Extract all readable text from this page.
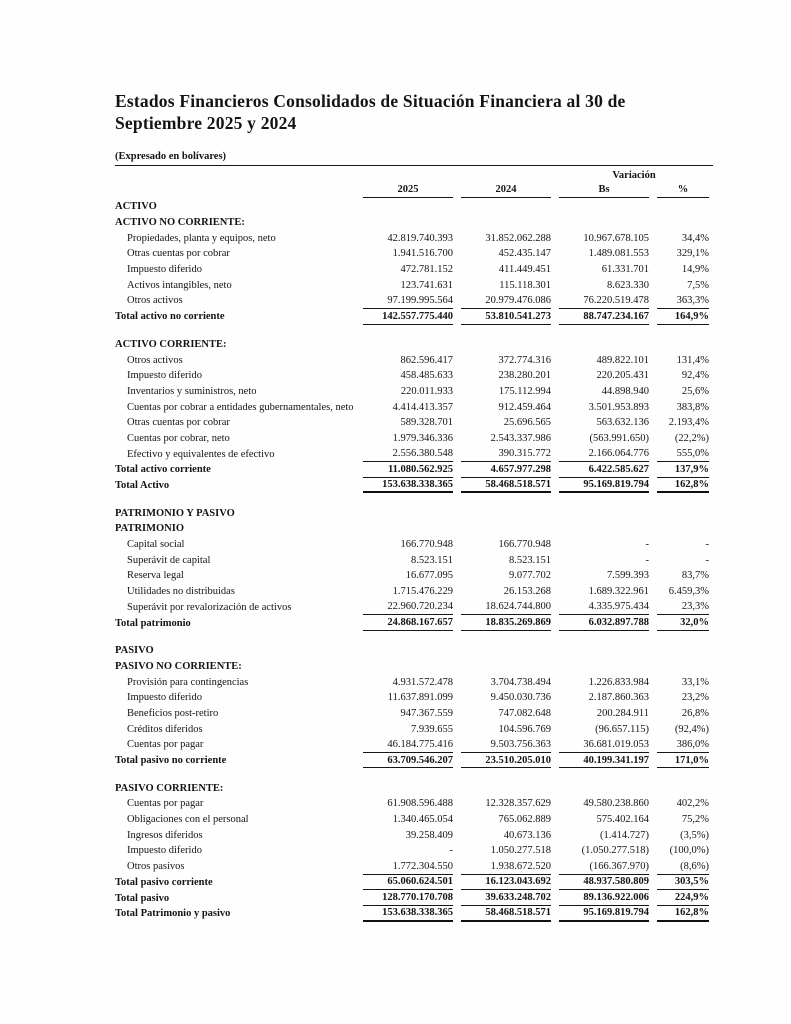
Estados Financieros Consolidados de Situación Financiera al 30 de Septiembre 2025 y 2024
(Expresado en bolívares)
Variación
2025	2024	Bs	%
ACTIVO
ACTIVO NO CORRIENTE:
Propiedades, planta y equipos, neto	42.819.740.393	31.852.062.288	10.967.678.105	34,4%
Otras cuentas por cobrar	1.941.516.700	452.435.147	1.489.081.553	329,1%
Impuesto diferido	472.781.152	411.449.451	61.331.701	14,9%
Activos intangibles, neto	123.741.631	115.118.301	8.623.330	7,5%
Otros activos	97.199.995.564	20.979.476.086	76.220.519.478	363,3%
Total activo no corriente	142.557.775.440	53.810.541.273	88.747.234.167	164,9%
ACTIVO CORRIENTE:
Otros activos	862.596.417	372.774.316	489.822.101	131,4%
Impuesto diferido	458.485.633	238.280.201	220.205.431	92,4%
Inventarios y suministros, neto	220.011.933	175.112.994	44.898.940	25,6%
Cuentas por cobrar a entidades gubernamentales, neto	4.414.413.357	912.459.464	3.501.953.893	383,8%
Otras cuentas por cobrar	589.328.701	25.696.565	563.632.136	2.193,4%
Cuentas por cobrar, neto	1.979.346.336	2.543.337.986	(563.991.650)	(22,2%)
Efectivo y equivalentes de efectivo	2.556.380.548	390.315.772	2.166.064.776	555,0%
Total activo corriente	11.080.562.925	4.657.977.298	6.422.585.627	137,9%
Total Activo	153.638.338.365	58.468.518.571	95.169.819.794	162,8%
PATRIMONIO Y PASIVO
PATRIMONIO
Capital social	166.770.948	166.770.948	-	-
Superávit de capital	8.523.151	8.523.151	-	-
Reserva legal	16.677.095	9.077.702	7.599.393	83,7%
Utilidades no distribuidas	1.715.476.229	26.153.268	1.689.322.961	6.459,3%
Superávit por revalorización de activos	22.960.720.234	18.624.744.800	4.335.975.434	23,3%
Total patrimonio	24.868.167.657	18.835.269.869	6.032.897.788	32,0%
PASIVO
PASIVO NO CORRIENTE:
Provisión para contingencias	4.931.572.478	3.704.738.494	1.226.833.984	33,1%
Impuesto diferido	11.637.891.099	9.450.030.736	2.187.860.363	23,2%
Beneficios post-retiro	947.367.559	747.082.648	200.284.911	26,8%
Créditos diferidos	7.939.655	104.596.769	(96.657.115)	(92,4%)
Cuentas por pagar	46.184.775.416	9.503.756.363	36.681.019.053	386,0%
Total pasivo no corriente	63.709.546.207	23.510.205.010	40.199.341.197	171,0%
PASIVO CORRIENTE:
Cuentas por pagar	61.908.596.488	12.328.357.629	49.580.238.860	402,2%
Obligaciones con el personal	1.340.465.054	765.062.889	575.402.164	75,2%
Ingresos diferidos	39.258.409	40.673.136	(1.414.727)	(3,5%)
Impuesto diferido	-	1.050.277.518	(1.050.277.518)	(100,0%)
Otros pasivos	1.772.304.550	1.938.672.520	(166.367.970)	(8,6%)
Total pasivo corriente	65.060.624.501	16.123.043.692	48.937.580.809	303,5%
Total pasivo	128.770.170.708	39.633.248.702	89.136.922.006	224,9%
Total Patrimonio y pasivo	153.638.338.365	58.468.518.571	95.169.819.794	162,8%
